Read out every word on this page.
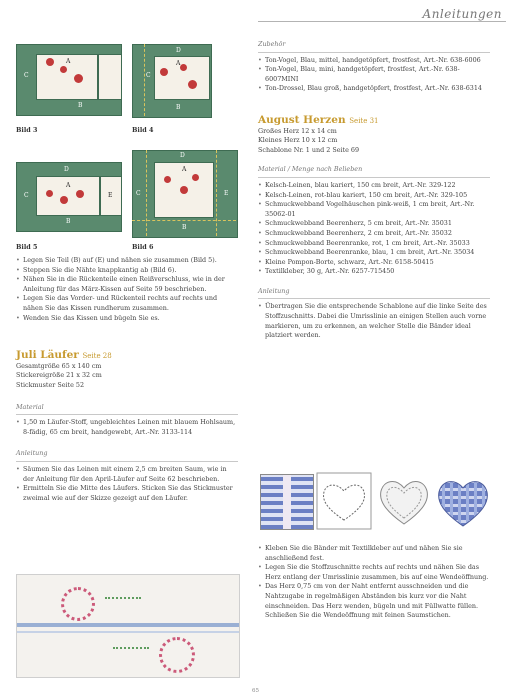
Anleitungen
A
C
B
Bild 3
A
D
C
B
Bild 4
D
A
C	E
B
Bild 5
D
A
C	E
B
Bild 6
• Legen Sie Teil (B) auf (E) und nähen sie zusammen (Bild 5).
• Steppen Sie die Nähte knappkantig ab (Bild 6).
• Nähen Sie in die Rückenteile einen Reißverschluss, wie in der Anleitung für das März-Kissen auf Seite 59 beschrieben.
• Legen Sie das Vorder- und Rückenteil rechts auf rechts und nähen Sie das Kissen rundherum zusammen.
• Wenden Sie das Kissen und bügeln Sie es.
Juli Läufer Seite 28

Gesamtgröße 65 x 140 cm

Stickereigröße 21 x 32 cm

Stickmuster Seite 52

Material
• 1,50 m Läufer-Stoff, ungebleichtes Leinen mit blauem Hohlsaum, 8-fädig, 65 cm breit, handgewebt, Art.-Nr. 3133-114
Anleitung
• Säumen Sie das Leinen mit einem 2,5 cm breiten Saum, wie in der Anleitung für den April-Läufer auf Seite 62 beschrieben.
• Ermitteln Sie die Mitte des Läufers. Sticken Sie das Stickmuster zweimal wie auf der Skizze gezeigt auf den Läufer.
Zubehör
• Ton-Vogel, Blau, mittel, handgetöpfert, frostfest, Art.-Nr. 638-6006
• Ton-Vogel, Blau, mini, handgetöpfert, frostfest, Art.-Nr. 638-6007MINI
• Ton-Drossel, Blau groß, handgetöpfert, frostfest, Art.-Nr. 638-6314
August Herzen Seite 31

Großes Herz 12 x 14 cm

Kleines Herz 10 x 12 cm

Schablone Nr. 1 und 2 Seite 69

Material / Menge nach Belieben
• Kelsch-Leinen, blau kariert, 150 cm breit, Art.-Nr. 329-122
• Kelsch-Leinen, rot-blau kariert, 150 cm breit, Art.-Nr. 329-105
• Schmuckwebband Vogelhäuschen pink-weiß, 1 cm breit, Art.-Nr. 35062-01
• Schmuckwebband Beerenherz, 5 cm breit, Art.-Nr. 35031
• Schmuckwebband Beerenherz, 2 cm breit, Art.-Nr. 35032
• Schmuckwebband Beerenranke, rot, 1 cm breit, Art.-Nr. 35033
• Schmuckwebband Beerenranke, blau, 1 cm breit, Art.-Nr. 35034
• Kleine Pompon-Borte, schwarz, Art.-Nr. 6158-50415
• Textilkleber, 30 g, Art.-Nr. 6257-715450
Anleitung
• Übertragen Sie die entsprechende Schablone auf die linke Seite des Stoffzuschnitts. Dabei die Umrisslinie an einigen Stellen auch vorne markieren, um zu erkennen, an welcher Stelle die Bänder ideal platziert werden.
• Kleben Sie die Bänder mit Textilkleber auf und nähen Sie sie anschließend fest.
• Legen Sie die Stoffzuschnitte rechts auf rechts und nähen Sie das Herz entlang der Umrisslinie zusammen, bis auf eine Wendeöffnung.
• Das Herz 0,75 cm von der Naht entfernt ausschneiden und die Nahtzugabe in regelmäßigen Abständen bis kurz vor die Naht einschneiden. Das Herz wenden, bügeln und mit Füllwatte füllen. Schließen Sie die Wendeöffnung mit feinen Saumstichen.
65
